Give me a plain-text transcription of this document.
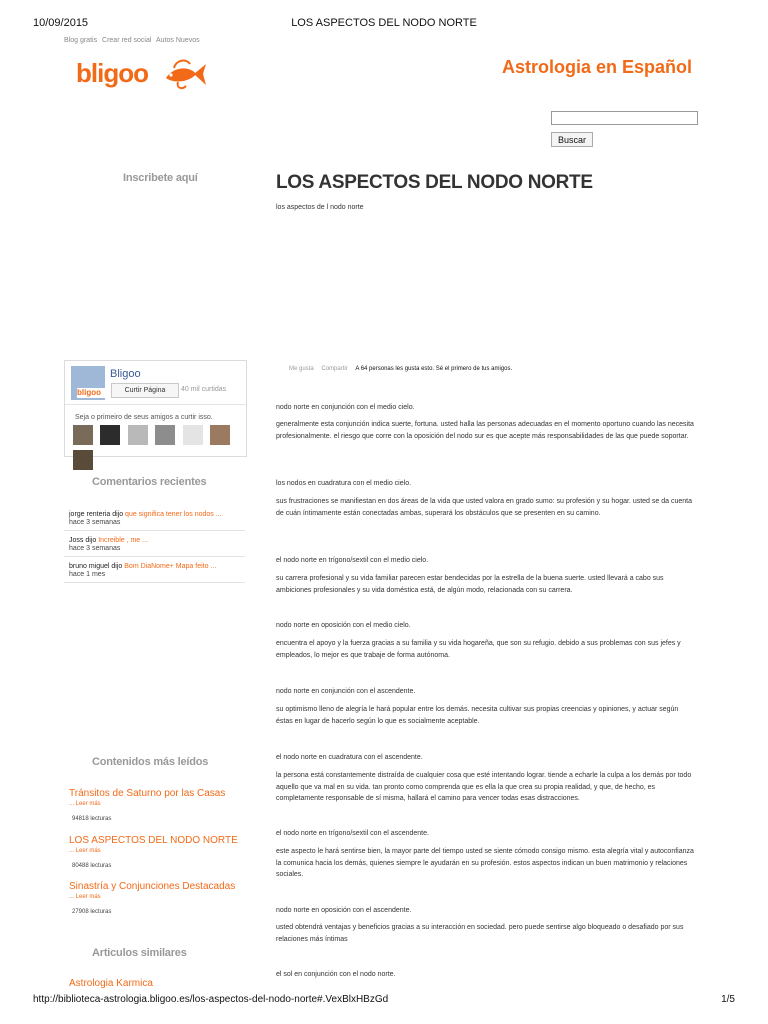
10/09/2015	LOS ASPECTOS DEL NODO NORTE
Blog gratis Crear red social Autos Nuevos
bligoo	Astrologia en Español
Buscar
Inscribete aquí
bligoo
Bligoo
Curtir Página	40 mil curtidas
Seja o primeiro de seus amigos a curtir isso.

Comentarios recientes
jorge renteria dijo que significa tener los nodos ...
hace 3 semanas
Joss dijo Increible , me ...
hace 3 semanas
bruno miguel dijo Bom DiaNome+ Mapa feito ...
hace 1 mes
Contenidos más leídos
Tránsitos de Saturno por las Casas
... Leer más
94818 lecturas
LOS ASPECTOS DEL NODO NORTE
... Leer más
80488 lecturas
Sinastría y Conjunciones Destacadas
... Leer más
27908 lecturas
Articulos similares
Astrologia Karmica
LOS ASPECTOS DEL NODO NORTE
los aspectos de l nodo norte
Me gusta Compartir A 64 personas les gusta esto. Sé el primero de tus amigos.
nodo norte en conjunción con el medio cielo.
generalmente esta conjunción indica suerte, fortuna. usted halla las personas adecuadas en el momento oportuno cuando las necesita profesionalmente. el riesgo que corre con la oposición del nodo sur es que acepte más responsabilidades de las que puede soportar.
los nodos en cuadratura con el medio cielo.
sus frustraciones se manifiestan en dos áreas de la vida que usted valora en grado sumo: su profesión y su hogar. usted se da cuenta de cuán íntimamente están conectadas ambas, superará los obstáculos que se presenten en su camino.
el nodo norte en trígono/sextil con el medio cielo.
su carrera profesional y su vida familiar parecen estar bendecidas por la estrella de la buena suerte. usted llevará a cabo sus ambiciones profesionales y su vida doméstica está, de algún modo, relacionada con su carrera.
nodo norte en oposición con el medio cielo.
encuentra el apoyo y la fuerza gracias a su familia y su vida hogareña, que son su refugio. debido a sus problemas con sus jefes y empleados, lo mejor es que trabaje de forma autónoma.
nodo norte en conjunción con el ascendente.
su optimismo lleno de alegría le hará popular entre los demás. necesita cultivar sus propias creencias y opiniones, y actuar según éstas en lugar de hacerlo según lo que es socialmente aceptable.
el nodo norte en cuadratura con el ascendente.
la persona está constantemente distraída de cualquier cosa que esté intentando lograr. tiende a echarle la culpa a los demás por todo aquello que va mal en su vida. tan pronto como comprenda que es ella la que crea su propia realidad, y que, de hecho, es completamente responsable de sí misma, hallará el camino para vencer todas esas distracciones.
el nodo norte en trígono/sextil con el ascendente.
este aspecto le hará sentirse bien, la mayor parte del tiempo usted se siente cómodo consigo mismo. esta alegría vital y autoconfianza la comunica hacia los demás, quienes siempre le ayudarán en su profesión. estos aspectos indican un buen matrimonio y relaciones sociales.
nodo norte en oposición con el ascendente.
usted obtendrá ventajas y beneficios gracias a su interacción en sociedad. pero puede sentirse algo bloqueado o desafiado por sus relaciones más íntimas
el sol en conjunción con el nodo norte.
http://biblioteca-astrologia.bligoo.es/los-aspectos-del-nodo-norte#.VexBlxHBzGd	1/5
